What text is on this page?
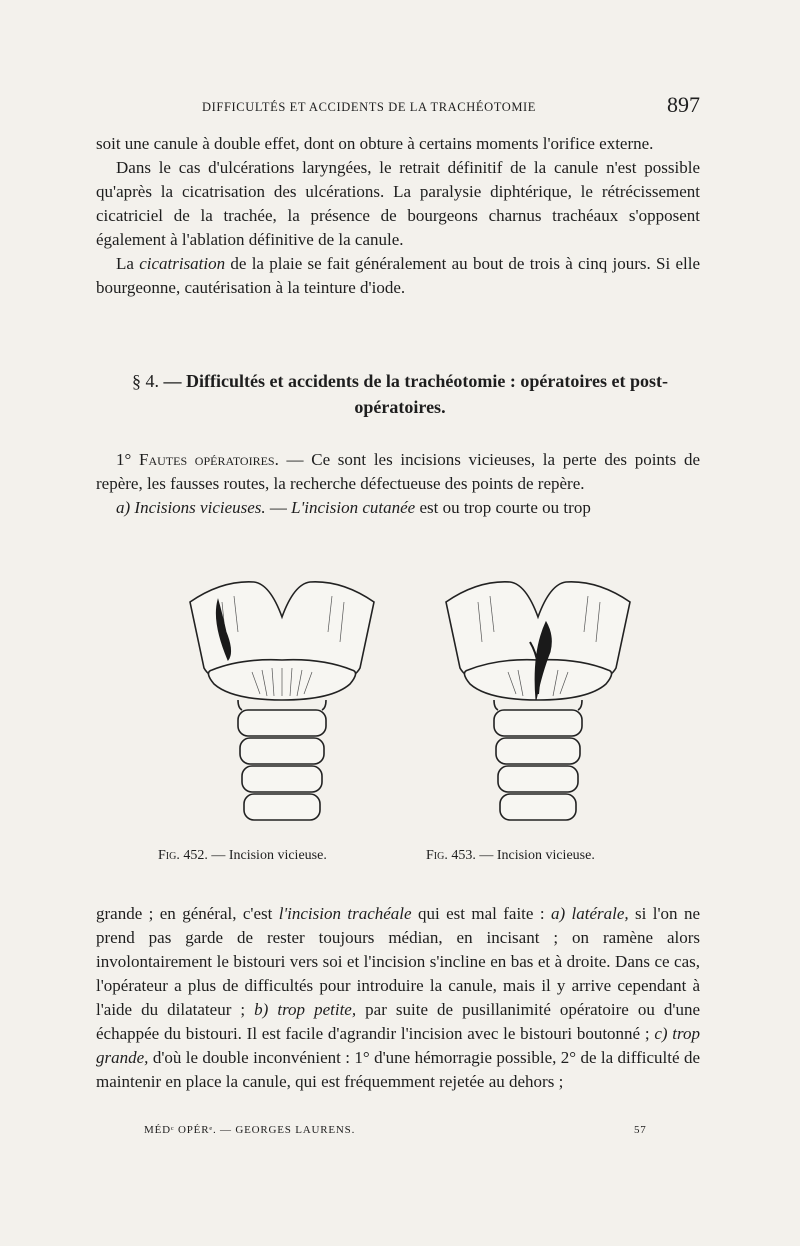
DIFFICULTÉS ET ACCIDENTS DE LA TRACHÉOTOMIE	897

soit une canule à double effet, dont on obture à certains moments l'orifice externe.

Dans le cas d'ulcérations laryngées, le retrait définitif de la canule n'est possible qu'après la cicatrisation des ulcérations. La paralysie diphtérique, le rétrécissement cicatriciel de la trachée, la présence de bourgeons charnus trachéaux s'opposent également à l'ablation définitive de la canule.

La cicatrisation de la plaie se fait généralement au bout de trois à cinq jours. Si elle bourgeonne, cautérisation à la teinture d'iode.

§ 4. — Difficultés et accidents de la trachéotomie : opératoires et post-opératoires.

1° Fautes opératoires. — Ce sont les incisions vicieuses, la perte des points de repère, les fausses routes, la recherche défectueuse des points de repère.

a) Incisions vicieuses. — L'incision cutanée est ou trop courte ou trop

Fig. 452. — Incision vicieuse.	Fig. 453. — Incision vicieuse.

grande ; en général, c'est l'incision trachéale qui est mal faite : a) latérale, si l'on ne prend pas garde de rester toujours médian, en incisant ; on ramène alors involontairement le bistouri vers soi et l'incision s'incline en bas et à droite. Dans ce cas, l'opérateur a plus de difficultés pour introduire la canule, mais il y arrive cependant à l'aide du dilatateur ; b) trop petite, par suite de pusillanimité opératoire ou d'une échappée du bistouri. Il est facile d'agrandir l'incision avec le bistouri boutonné ; c) trop grande, d'où le double inconvénient : 1° d'une hémorragie possible, 2° de la difficulté de maintenir en place la canule, qui est fréquemment rejetée au dehors ;

MÉDᶜ OPÉRᵉ. — GEORGES LAURENS.	57
